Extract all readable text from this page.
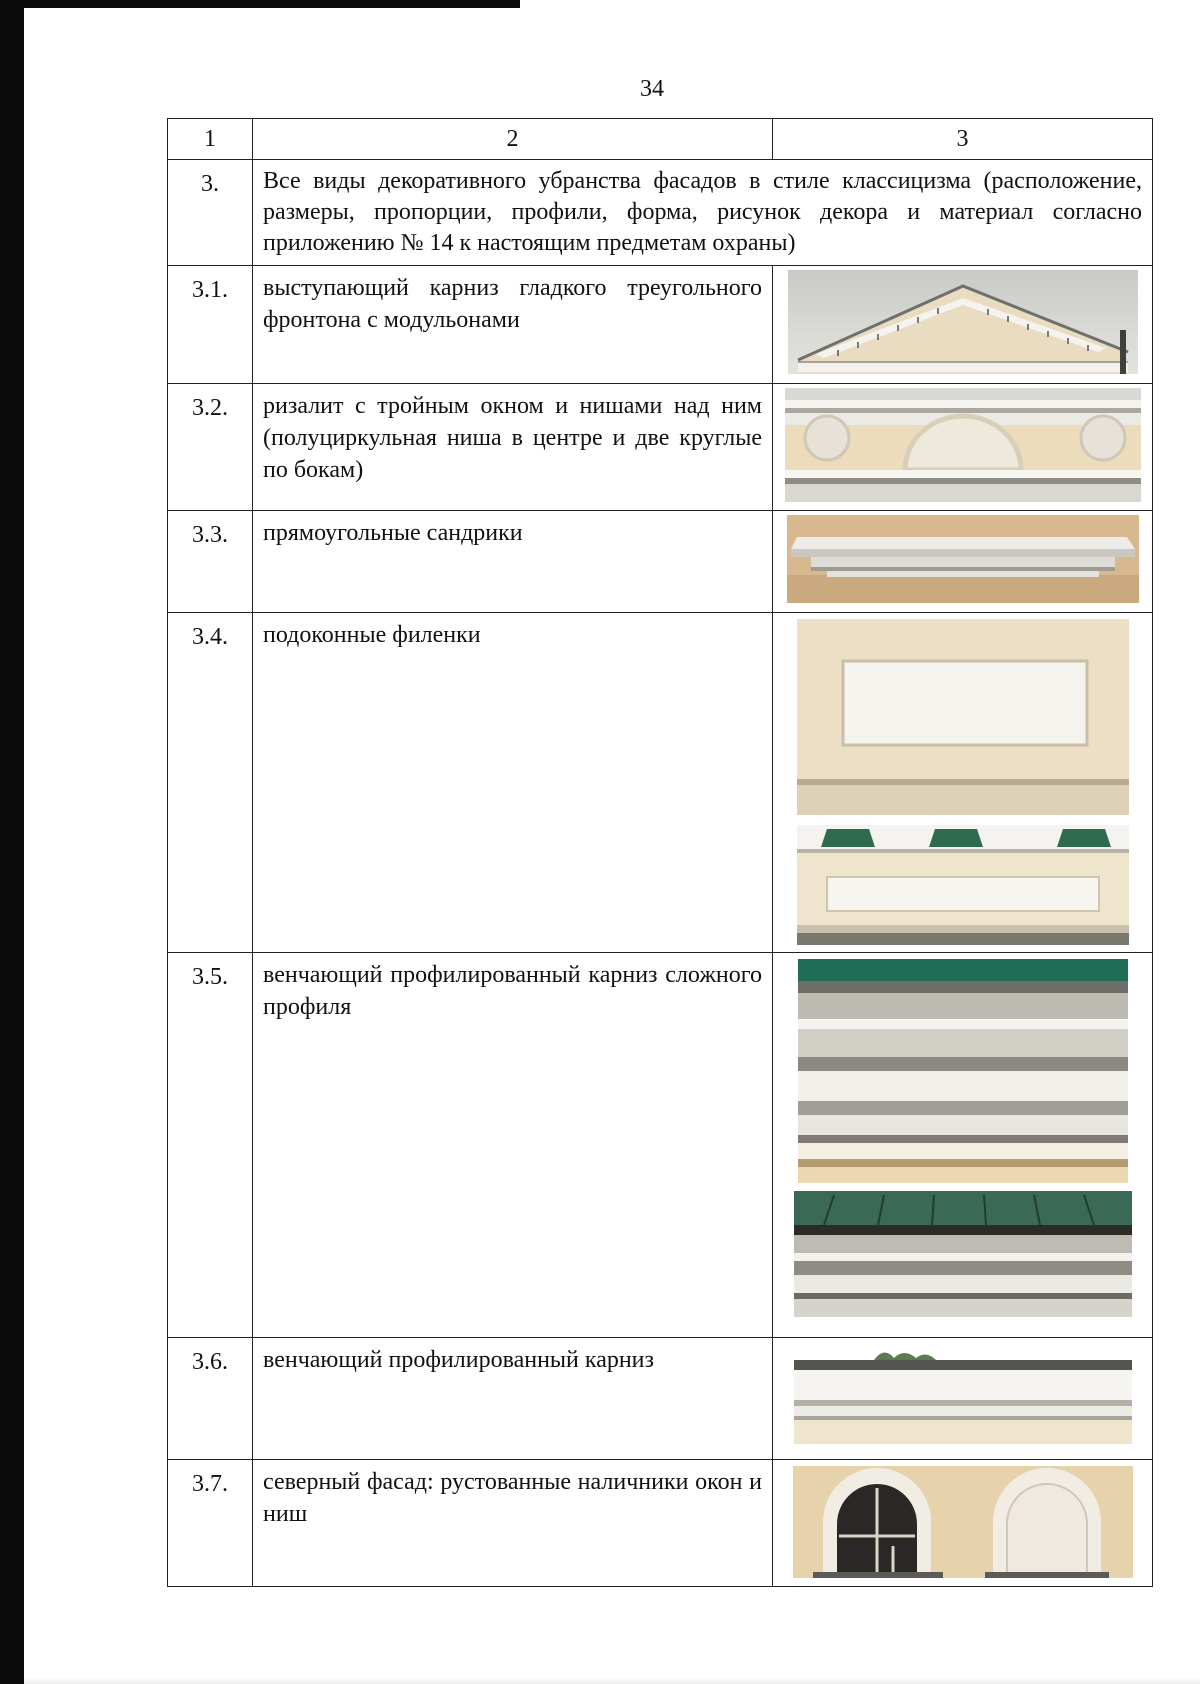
34
1	2	3
3.	Все виды декоративного убранства фасадов в стиле классицизма (расположение, размеры, пропорции, профили, форма, рисунок декора и материал согласно приложению № 14 к настоящим предметам охраны)	
3.1.	выступающий карниз гладкого треугольного фронтона с модульонами	

3.2.	ризалит с тройным окном и нишами над ним (полуциркульная ниша в центре и две круглые по бокам)	

3.3.	прямоугольные сандрики	

3.4.	подоконные филенки	

3.5.	венчающий профилированный карниз сложного профиля	

3.6.	венчающий профилированный карниз	

3.7.	северный фасад: рустованные наличники окон и ниш	
